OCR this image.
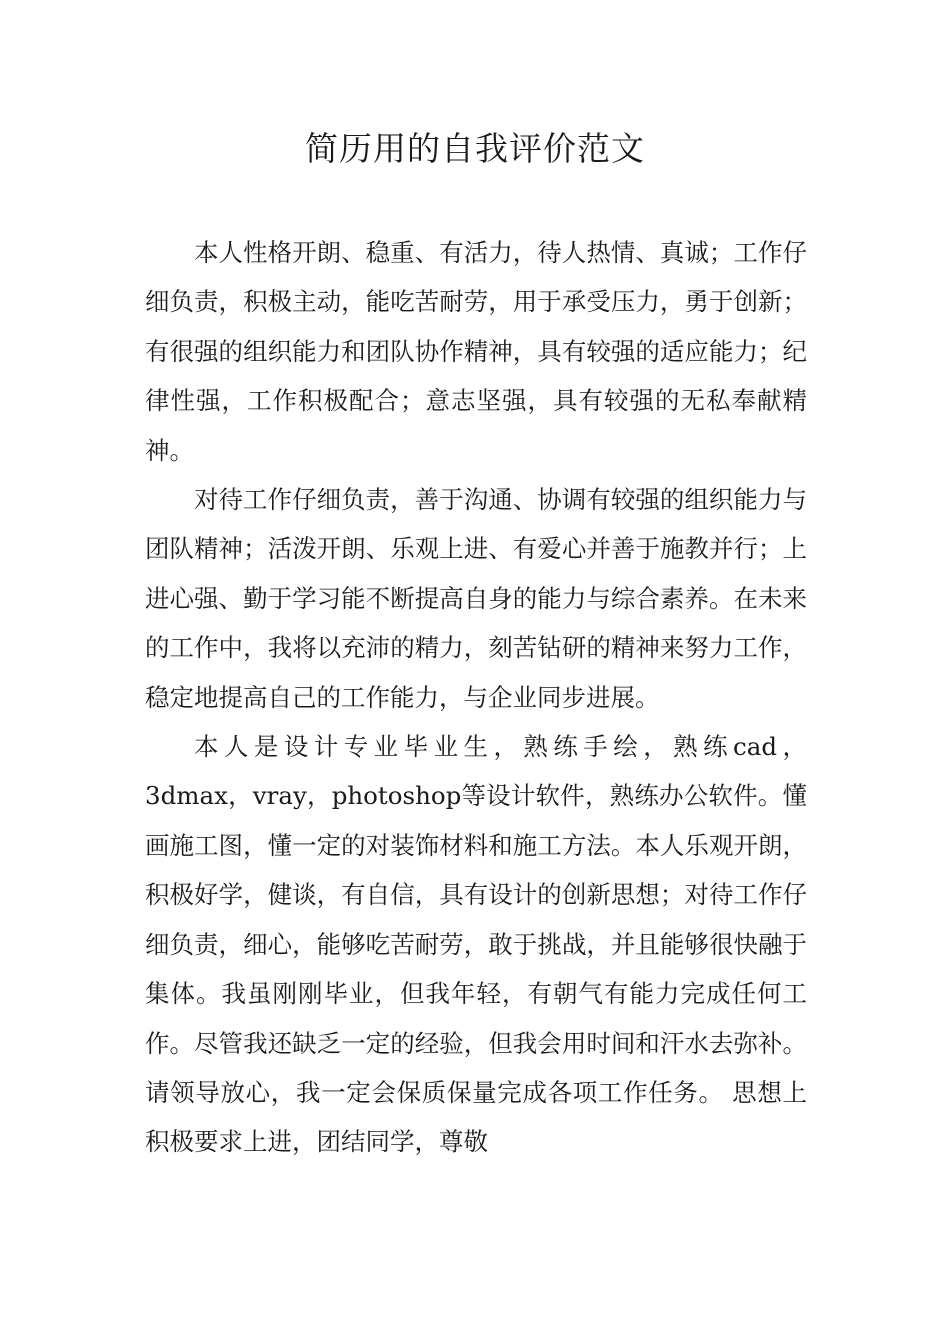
简历用的自我评价范文

本人性格开朗、稳重、有活力，待人热情、真诚；工作仔细负责，积极主动，能吃苦耐劳，用于承受压力，勇于创新；有很强的组织能力和团队协作精神，具有较强的适应能力；纪律性强，工作积极配合；意志坚强，具有较强的无私奉献精神。

对待工作仔细负责，善于沟通、协调有较强的组织能力与团队精神；活泼开朗、乐观上进、有爱心并善于施教并行；上进心强、勤于学习能不断提高自身的能力与综合素养。在未来的工作中，我将以充沛的精力，刻苦钻研的精神来努力工作，稳定地提高自己的工作能力，与企业同步进展。

本人是设计专业毕业生，熟练手绘，熟练cad，3dmax，vray，photoshop等设计软件，熟练办公软件。懂画施工图，懂一定的对装饰材料和施工方法。本人乐观开朗，积极好学，健谈，有自信，具有设计的创新思想；对待工作仔细负责，细心，能够吃苦耐劳，敢于挑战，并且能够很快融于集体。我虽刚刚毕业，但我年轻，有朝气有能力完成任何工作。尽管我还缺乏一定的经验，但我会用时间和汗水去弥补。请领导放心，我一定会保质保量完成各项工作任务。 思想上积极要求上进，团结同学，尊敬
